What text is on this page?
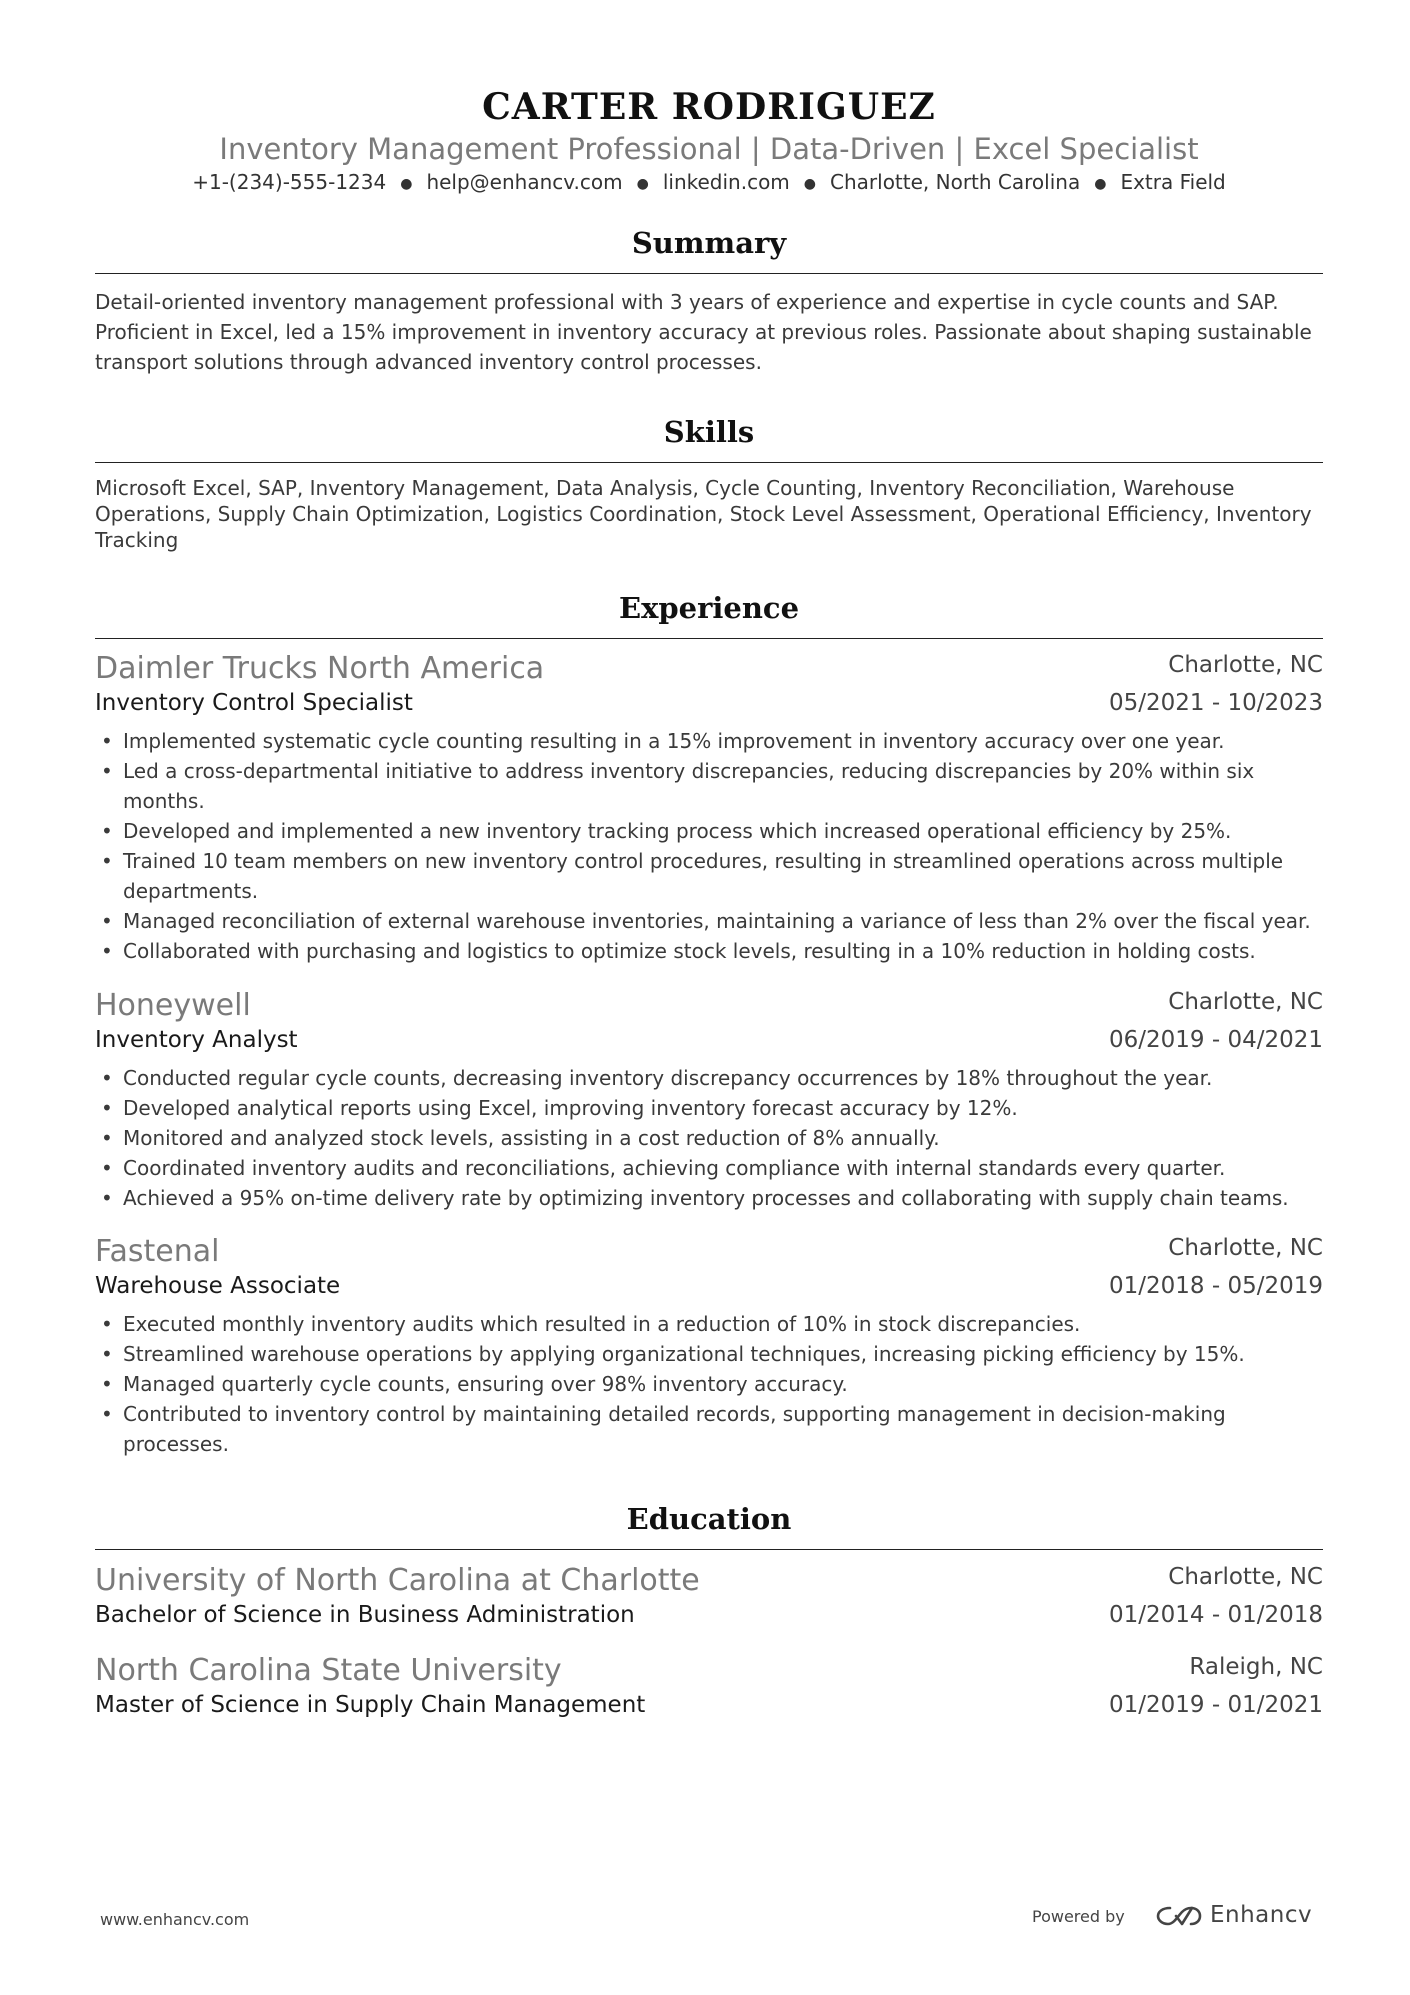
CARTER RODRIGUEZ
Inventory Management Professional | Data-Driven | Excel Specialist
+1-(234)-555-1234 ● help@enhancv.com ● linkedin.com ● Charlotte, North Carolina ● Extra Field
Summary

Detail-oriented inventory management professional with 3 years of experience and expertise in cycle counts and SAP. Proficient in Excel, led a 15% improvement in inventory accuracy at previous roles. Passionate about shaping sustainable transport solutions through advanced inventory control processes.

Skills

Microsoft Excel, SAP, Inventory Management, Data Analysis, Cycle Counting, Inventory Reconciliation, Warehouse Operations, Supply Chain Optimization, Logistics Coordination, Stock Level Assessment, Operational Efficiency, Inventory Tracking

Experience
Daimler Trucks North America	Charlotte, NC
Inventory Control Specialist	05/2021 - 10/2023
• Implemented systematic cycle counting resulting in a 15% improvement in inventory accuracy over one year.
• Led a cross-departmental initiative to address inventory discrepancies, reducing discrepancies by 20% within six months.
• Developed and implemented a new inventory tracking process which increased operational efficiency by 25%.
• Trained 10 team members on new inventory control procedures, resulting in streamlined operations across multiple departments.
• Managed reconciliation of external warehouse inventories, maintaining a variance of less than 2% over the fiscal year.
• Collaborated with purchasing and logistics to optimize stock levels, resulting in a 10% reduction in holding costs.
Honeywell	Charlotte, NC
Inventory Analyst	06/2019 - 04/2021
• Conducted regular cycle counts, decreasing inventory discrepancy occurrences by 18% throughout the year.
• Developed analytical reports using Excel, improving inventory forecast accuracy by 12%.
• Monitored and analyzed stock levels, assisting in a cost reduction of 8% annually.
• Coordinated inventory audits and reconciliations, achieving compliance with internal standards every quarter.
• Achieved a 95% on-time delivery rate by optimizing inventory processes and collaborating with supply chain teams.
Fastenal	Charlotte, NC
Warehouse Associate	01/2018 - 05/2019
• Executed monthly inventory audits which resulted in a reduction of 10% in stock discrepancies.
• Streamlined warehouse operations by applying organizational techniques, increasing picking efficiency by 15%.
• Managed quarterly cycle counts, ensuring over 98% inventory accuracy.
• Contributed to inventory control by maintaining detailed records, supporting management in decision-making processes.
Education
University of North Carolina at Charlotte	Charlotte, NC
Bachelor of Science in Business Administration	01/2014 - 01/2018
North Carolina State University	Raleigh, NC
Master of Science in Supply Chain Management	01/2019 - 01/2021
www.enhancv.com	Powered by	Enhancv
